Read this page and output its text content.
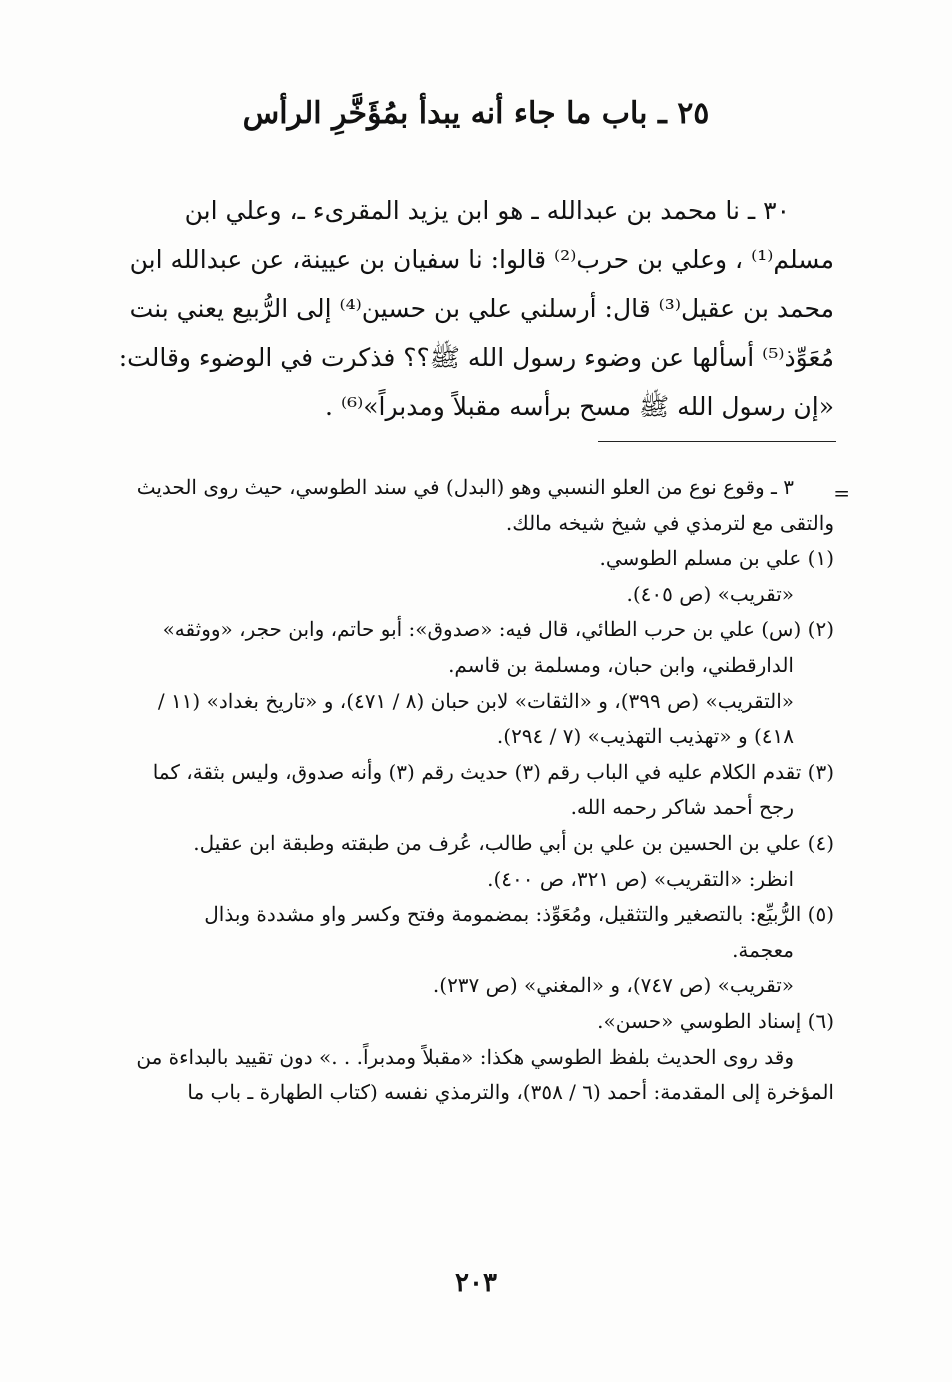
٢٥ ـ باب ما جاء أنه يبدأ بمُؤَخَّرِ الرأس
٣٠ ـ نا محمد بن عبدالله ـ هو ابن يزيد المقرىء ـ، وعلي ابن
مسلم⁽¹⁾ ، وعلي بن حرب⁽²⁾ قالوا: نا سفيان بن عيينة، عن عبدالله ابن
محمد بن عقيل⁽³⁾ قال: أرسلني علي بن حسين⁽⁴⁾ إلى الرُّبيع يعني بنت
مُعَوِّذ⁽⁵⁾ أسألها عن وضوء رسول الله ﷺ؟؟ فذكرت في الوضوء وقالت:
«إن رسول الله ﷺ مسح برأسه مقبلاً ومدبراً»⁽⁶⁾ .
=
٣ ـ وقوع نوع من العلو النسبي وهو (البدل) في سند الطوسي، حيث روى الحديث
والتقى مع لترمذي في شيخ شيخه مالك.
(١) علي بن مسلم الطوسي.
«تقريب» (ص ٤٠٥).
(٢) (س) علي بن حرب الطائي، قال فيه: «صدوق»: أبو حاتم، وابن حجر، «ووثقه»
الدارقطني، وابن حبان، ومسلمة بن قاسم.
«التقريب» (ص ٣٩٩)، و «الثقات» لابن حبان (٨ / ٤٧١)، و «تاريخ بغداد» (١١ /
٤١٨) و «تهذيب التهذيب» (٧ / ٢٩٤).
(٣) تقدم الكلام عليه في الباب رقم (٣) حديث رقم (٣) وأنه صدوق، وليس بثقة، كما
رجح أحمد شاكر رحمه الله.
(٤) علي بن الحسين بن علي بن أبي طالب، عُرف من طبقته وطبقة ابن عقيل.
انظر: «التقريب» (ص ٣٢١، ص ٤٠٠).
(٥) الرُّبيِّع: بالتصغير والتثقيل، ومُعَوِّذ: بمضمومة وفتح وكسر واو مشددة وبذال
معجمة.
«تقريب» (ص ٧٤٧)، و «المغني» (ص ٢٣٧).
(٦) إسناد الطوسي «حسن».
وقد روى الحديث بلفظ الطوسي هكذا: «مقبلاً ومدبراً. . .» دون تقييد بالبداءة من
المؤخرة إلى المقدمة: أحمد (٦ / ٣٥٨)، والترمذي نفسه (كتاب الطهارة ـ باب ما
٢٠٣
